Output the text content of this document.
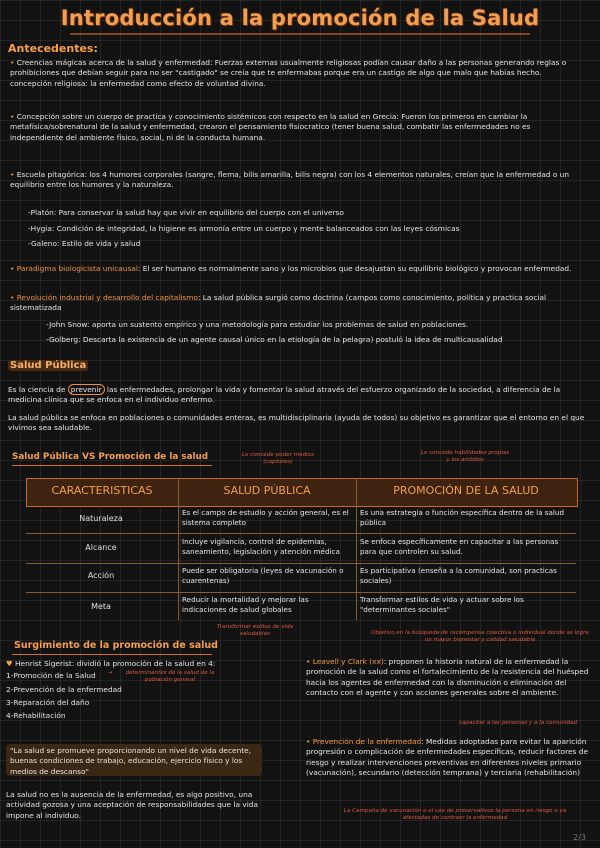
Introducción a la promoción de la Salud
Antecedentes:
• Creencias mágicas acerca de la salud y enfermedad: Fuerzas externas usualmente religiosas podían causar daño a las personas generando reglas o prohibiciones que debían seguir para no ser "castigado" se creía que te enfermabas porque era un castigo de algo que malo que habías hecho. concepción religiosa: la enfermedad como efecto de voluntad divina.
• Concepción sobre un cuerpo de practica y conocimiento sistémicos con respecto en la salud en Grecia: Fueron los primeros en cambiar la metafísica/sobrenatural de la salud y enfermedad, crearon el pensamiento fisiocratico (tener buena salud, combatir las enfermedades no es independiente del ambiente físico, social, ni de la conducta humana.
• Escuela pitagórica: los 4 humores corporales (sangre, flema, bilis amarilla, bilis negra) con los 4 elementos naturales, creían que la enfermedad o un equilibrio entre los humores y la naturaleza.
-Platón: Para conservar la salud hay que vivir en equilibrio del cuerpo con el universo
-Hygia: Condición de integridad, la higiene es armonía entre un cuerpo y mente balanceados con las leyes cósmicas
-Galeno: Estilo de vida y salud
• Paradigma biologicista unicausal: El ser humano es normalmente sano y los microbios que desajustan su equilibrio biológico y provocan enfermedad.
• Revolución industrial y desarrollo del capitalismo: La salud pública surgió como doctrina (campos como conocimiento, política y practica social sistematizada
-John Snow: aporta un sustento empírico y una metodología para estudiar los problemas de salud en poblaciones.
-Golberg: Descarta la existencia de un agente causal único en la etiología de la pelagra) postuló la idea de multicausalidad
Salud Pública
Es la ciencia de prevenir las enfermedades, prolongar la vida y fomentar la salud através del esfuerzo organizado de la sociedad, a diferencia de la medicina clínica que se enfoca en el individuo enfermo.
La salud pública se enfoca en poblaciones o comunidades enteras, es multidisciplinaria (ayuda de todos) su objetivo es garantizar que el entorno en el que vivimos sea saludable.
Salud Pública VS Promoción de la salud	Le concede poder medios (capitales)
Le concede habilidades propias y los ambitos
CARACTERISTICAS	SALUD PÚBLICA	PROMOCIÓN DE LA SALUD
Naturaleza
Es el campo de estudio y acción general, es el sistema completo
Es una estrategia o función específica dentro de la salud pública
Alcance
Incluye vigilancia, control de epidemias, saneamiento, legislación y atención médica
Se enfoca específicamente en capacitar a las personas para que controlen su salud.
Acción
Puede ser obligatoria (leyes de vacunación o cuarentenas)
Es participativa (enseña a la comunidad, son practicas sociales)
Meta
Reducir la mortalidad y mejorar las indicaciones de salud globales
Transformar estilos de vida y actuar sobre los "determinantes sociales"
Transformar estilos de vida saludables
Surgimiento de la promoción de salud
♥ Henrist Sigerist: dividió la promoción de la salud en 4:
1-Promoción de la Salud
2-Prevención de la enfermedad
3-Reparación del daño
4-Rehabilitación
→	determinantes de la salud de la población general
"La salud se promueve proporcionando un nivel de vida decente, buenas condiciones de trabajo, educación, ejercicio físico y los medios de descanso"
La salud no es la ausencia de la enfermedad, es algo positivo, una actividad gozosa y una aceptación de responsabilidades que la vida impone al individuo.
Objetivo en la búsqueda de recompensa colectiva o individual donde se logre un mayor bienestar y calidad saludable
• Leavell y Clark (xx): proponen la historia natural de la enfermedad la promoción de la salud como el fortalecimiento de la resistencia del huésped hacia los agentes de enfermedad con la disminución o eliminación del contacto con el agente y con acciones generales sobre el ambiente.
capacitar a las personas y a la comunidad
• Prevención de la enfermedad: Medidas adoptadas para evitar la aparición progresión o complicación de enfermedades específicas, reducir factores de riesgo y realizar intervenciones preventivas en diferentes niveles primario (vacunación), secundario (detección temprana) y terciaria (rehabilitación)
La Campaña de vacunación o el uso de preservativos la persona en riesgo o ya afectadas de contraer la enfermedad
2/3
